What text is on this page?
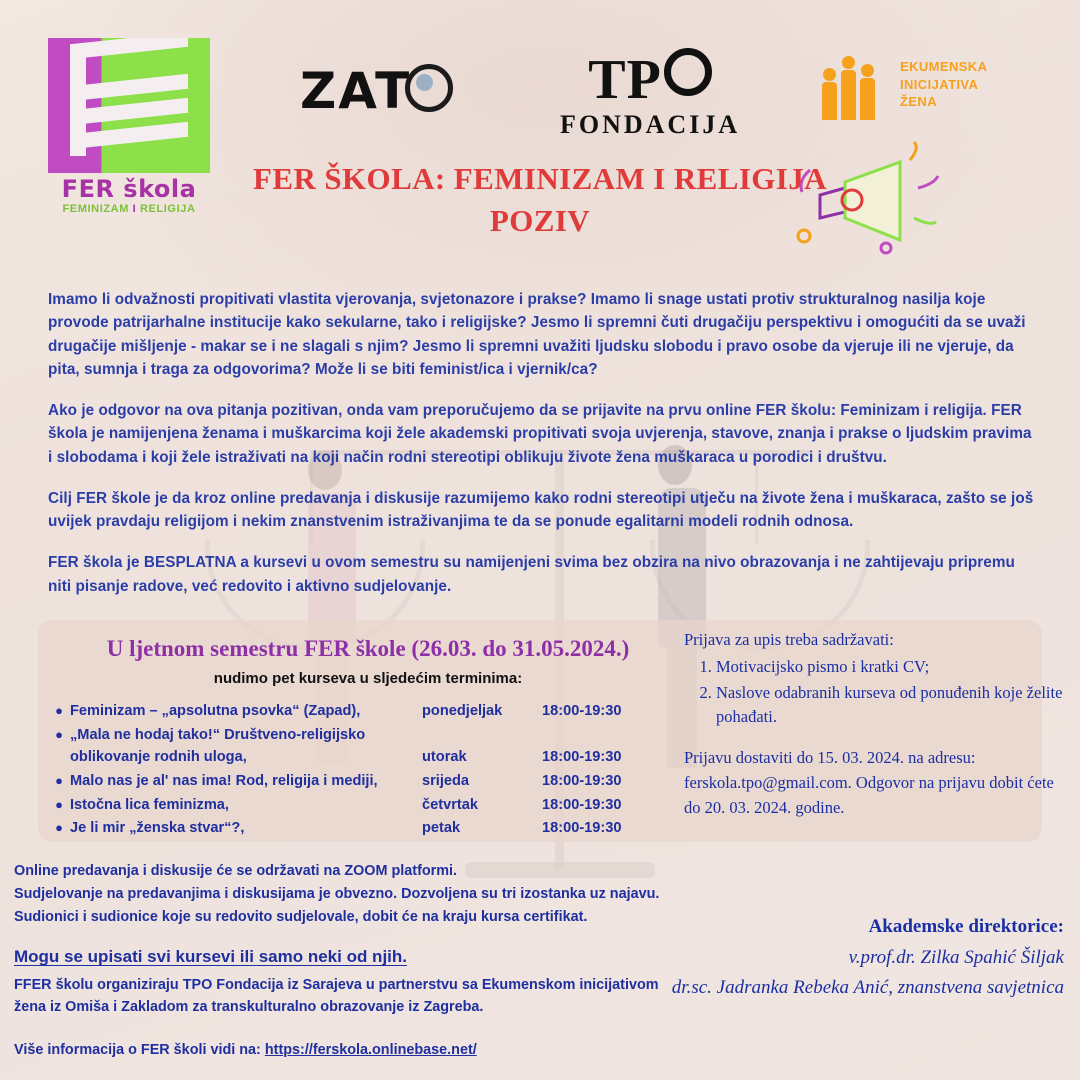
FER škola
FEMINIZAM I RELIGIJA
ZAT	TP
FONDACIJA
EKUMENSKA
INICIJATIVA
ŽENA
FER ŠKOLA: FEMINIZAM I RELIGIJA
POZIV

Imamo li odvažnosti propitivati vlastita vjerovanja, svjetonazore i prakse? Imamo li snage ustati protiv strukturalnog nasilja koje provode patrijarhalne institucije kako sekularne, tako i religijske? Jesmo li spremni čuti drugačiju perspektivu i omogućiti da se uvaži drugačije mišljenje - makar se i ne slagali s njim? Jesmo li spremni uvažiti ljudsku slobodu i pravo osobe da vjeruje ili ne vjeruje, da pita, sumnja i traga za odgovorima? Može li se biti feminist/ica i vjernik/ca?

Ako je odgovor na ova pitanja pozitivan, onda vam preporučujemo da se prijavite na prvu online FER školu: Feminizam i religija. FER škola je namijenjena ženama i muškarcima koji žele akademski propitivati svoja uvjerenja, stavove, znanja i prakse o ljudskim pravima i slobodama i koji žele istraživati na koji način rodni stereotipi oblikuju živote žena muškaraca u porodici i društvu.

Cilj FER škole je da kroz online predavanja i diskusije razumijemo kako rodni stereotipi utječu na živote žena i muškaraca, zašto se još uvijek pravdaju religijom i nekim znanstvenim istraživanjima te da se ponude egalitarni modeli rodnih odnosa.

FER škola je BESPLATNA a kursevi u ovom semestru su namijenjeni svima bez obzira na nivo obrazovanja i ne zahtijevaju pripremu niti pisanje radove, već redovito i aktivno sudjelovanje.

U ljetnom semestru FER škole (26.03. do 31.05.2024.)
nudimo pet kurseva u sljedećim terminima:
● Feminizam – „apsolutna psovka“ (Zapad),	ponedjeljak	18:00-19:30
● „Mala ne hodaj tako!“ Društveno-religijsko oblikovanje rodnih uloga,	utorak	18:00-19:30
● Malo nas je al' nas ima! Rod, religija i mediji,	srijeda	18:00-19:30
● Istočna lica feminizma,	četvrtak	18:00-19:30
● Je li mir „ženska stvar“?,	petak	18:00-19:30
Prijava za upis treba sadržavati:
1. Motivacijsko pismo i kratki CV;
2. Naslove odabranih kurseva od ponuđenih koje želite pohađati.
Prijavu dostaviti do 15. 03. 2024. na adresu: ferskola.tpo@gmail.com. Odgovor na prijavu dobit ćete do 20. 03. 2024. godine.
Online predavanja i diskusije će se održavati na ZOOM platformi.
Sudjelovanje na predavanjima i diskusijama je obvezno. Dozvoljena su tri izostanka uz najavu.
Sudionici i sudionice koje su redovito sudjelovale, dobit će na kraju kursa certifikat.
Mogu se upisati svi kursevi ili samo neki od njih.
FFER školu organiziraju TPO Fondacija iz Sarajeva u partnerstvu sa Ekumenskom inicijativom žena iz Omiša i Zakladom za transkulturalno obrazovanje iz Zagreba.
Više informacija o FER školi vidi na: https://ferskola.onlinebase.net/
Akademske direktorice:
v.prof.dr. Zilka Spahić Šiljak
dr.sc. Jadranka Rebeka Anić, znanstvena savjetnica
